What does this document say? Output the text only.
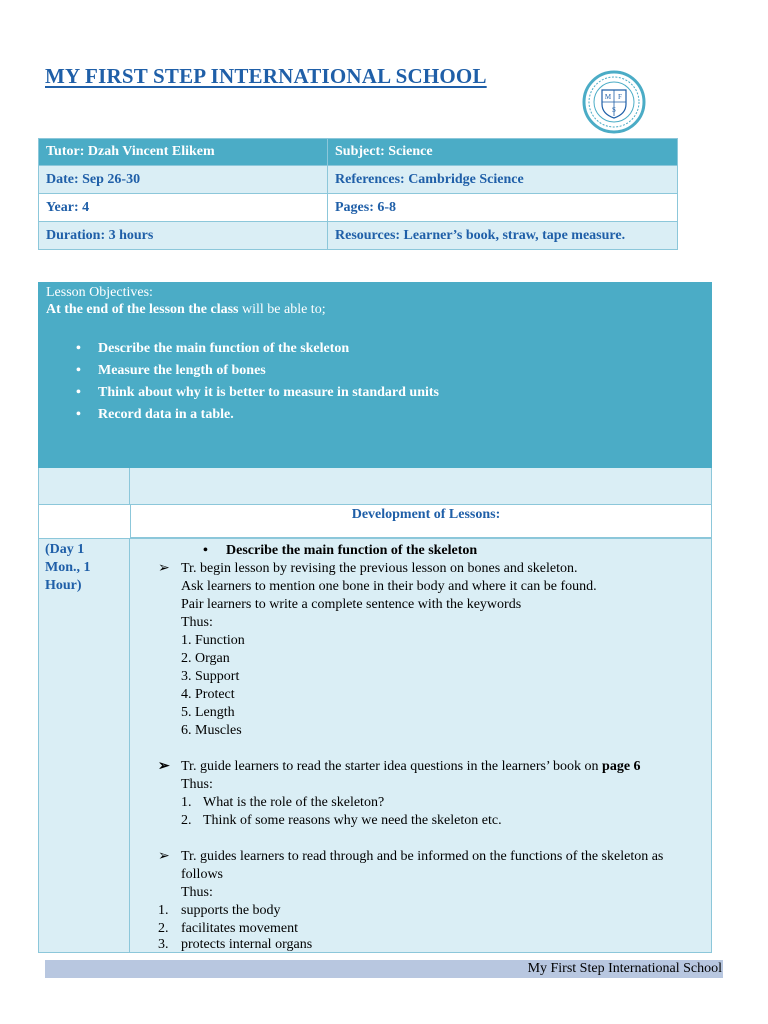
MY FIRST STEP INTERNATIONAL SCHOOL
M F
S
Tutor: Dzah Vincent Elikem	Subject: Science
Date: Sep 26-30	References: Cambridge Science
Year: 4	Pages: 6-8
Duration: 3 hours	Resources: Learner’s book, straw, tape measure.
Lesson Objectives:
At the end of the lesson the class will be able to;
• Describe the main function of the skeleton
• Measure the length of bones
• Think about why it is better to measure in standard units
• Record data in a table.
Development of Lessons:
(Day 1
Mon., 1
Hour)
• Describe the main function of the skeleton
➢ Tr. begin lesson by revising the previous lesson on bones and skeleton.
Ask learners to mention one bone in their body and where it can be found.
Pair learners to write a complete sentence with the keywords
Thus:
1. Function
2. Organ
3. Support
4. Protect
5. Length
6. Muscles
➢ Tr. guide learners to read the starter idea questions in the learners’ book on page 6
Thus:
1. What is the role of the skeleton?
2. Think of some reasons why we need the skeleton etc.
➢ Tr. guides learners to read through and be informed on the functions of the skeleton as
follows
Thus:
1. supports the body
2. facilitates movement
3. protects internal organs
My First Step International School
